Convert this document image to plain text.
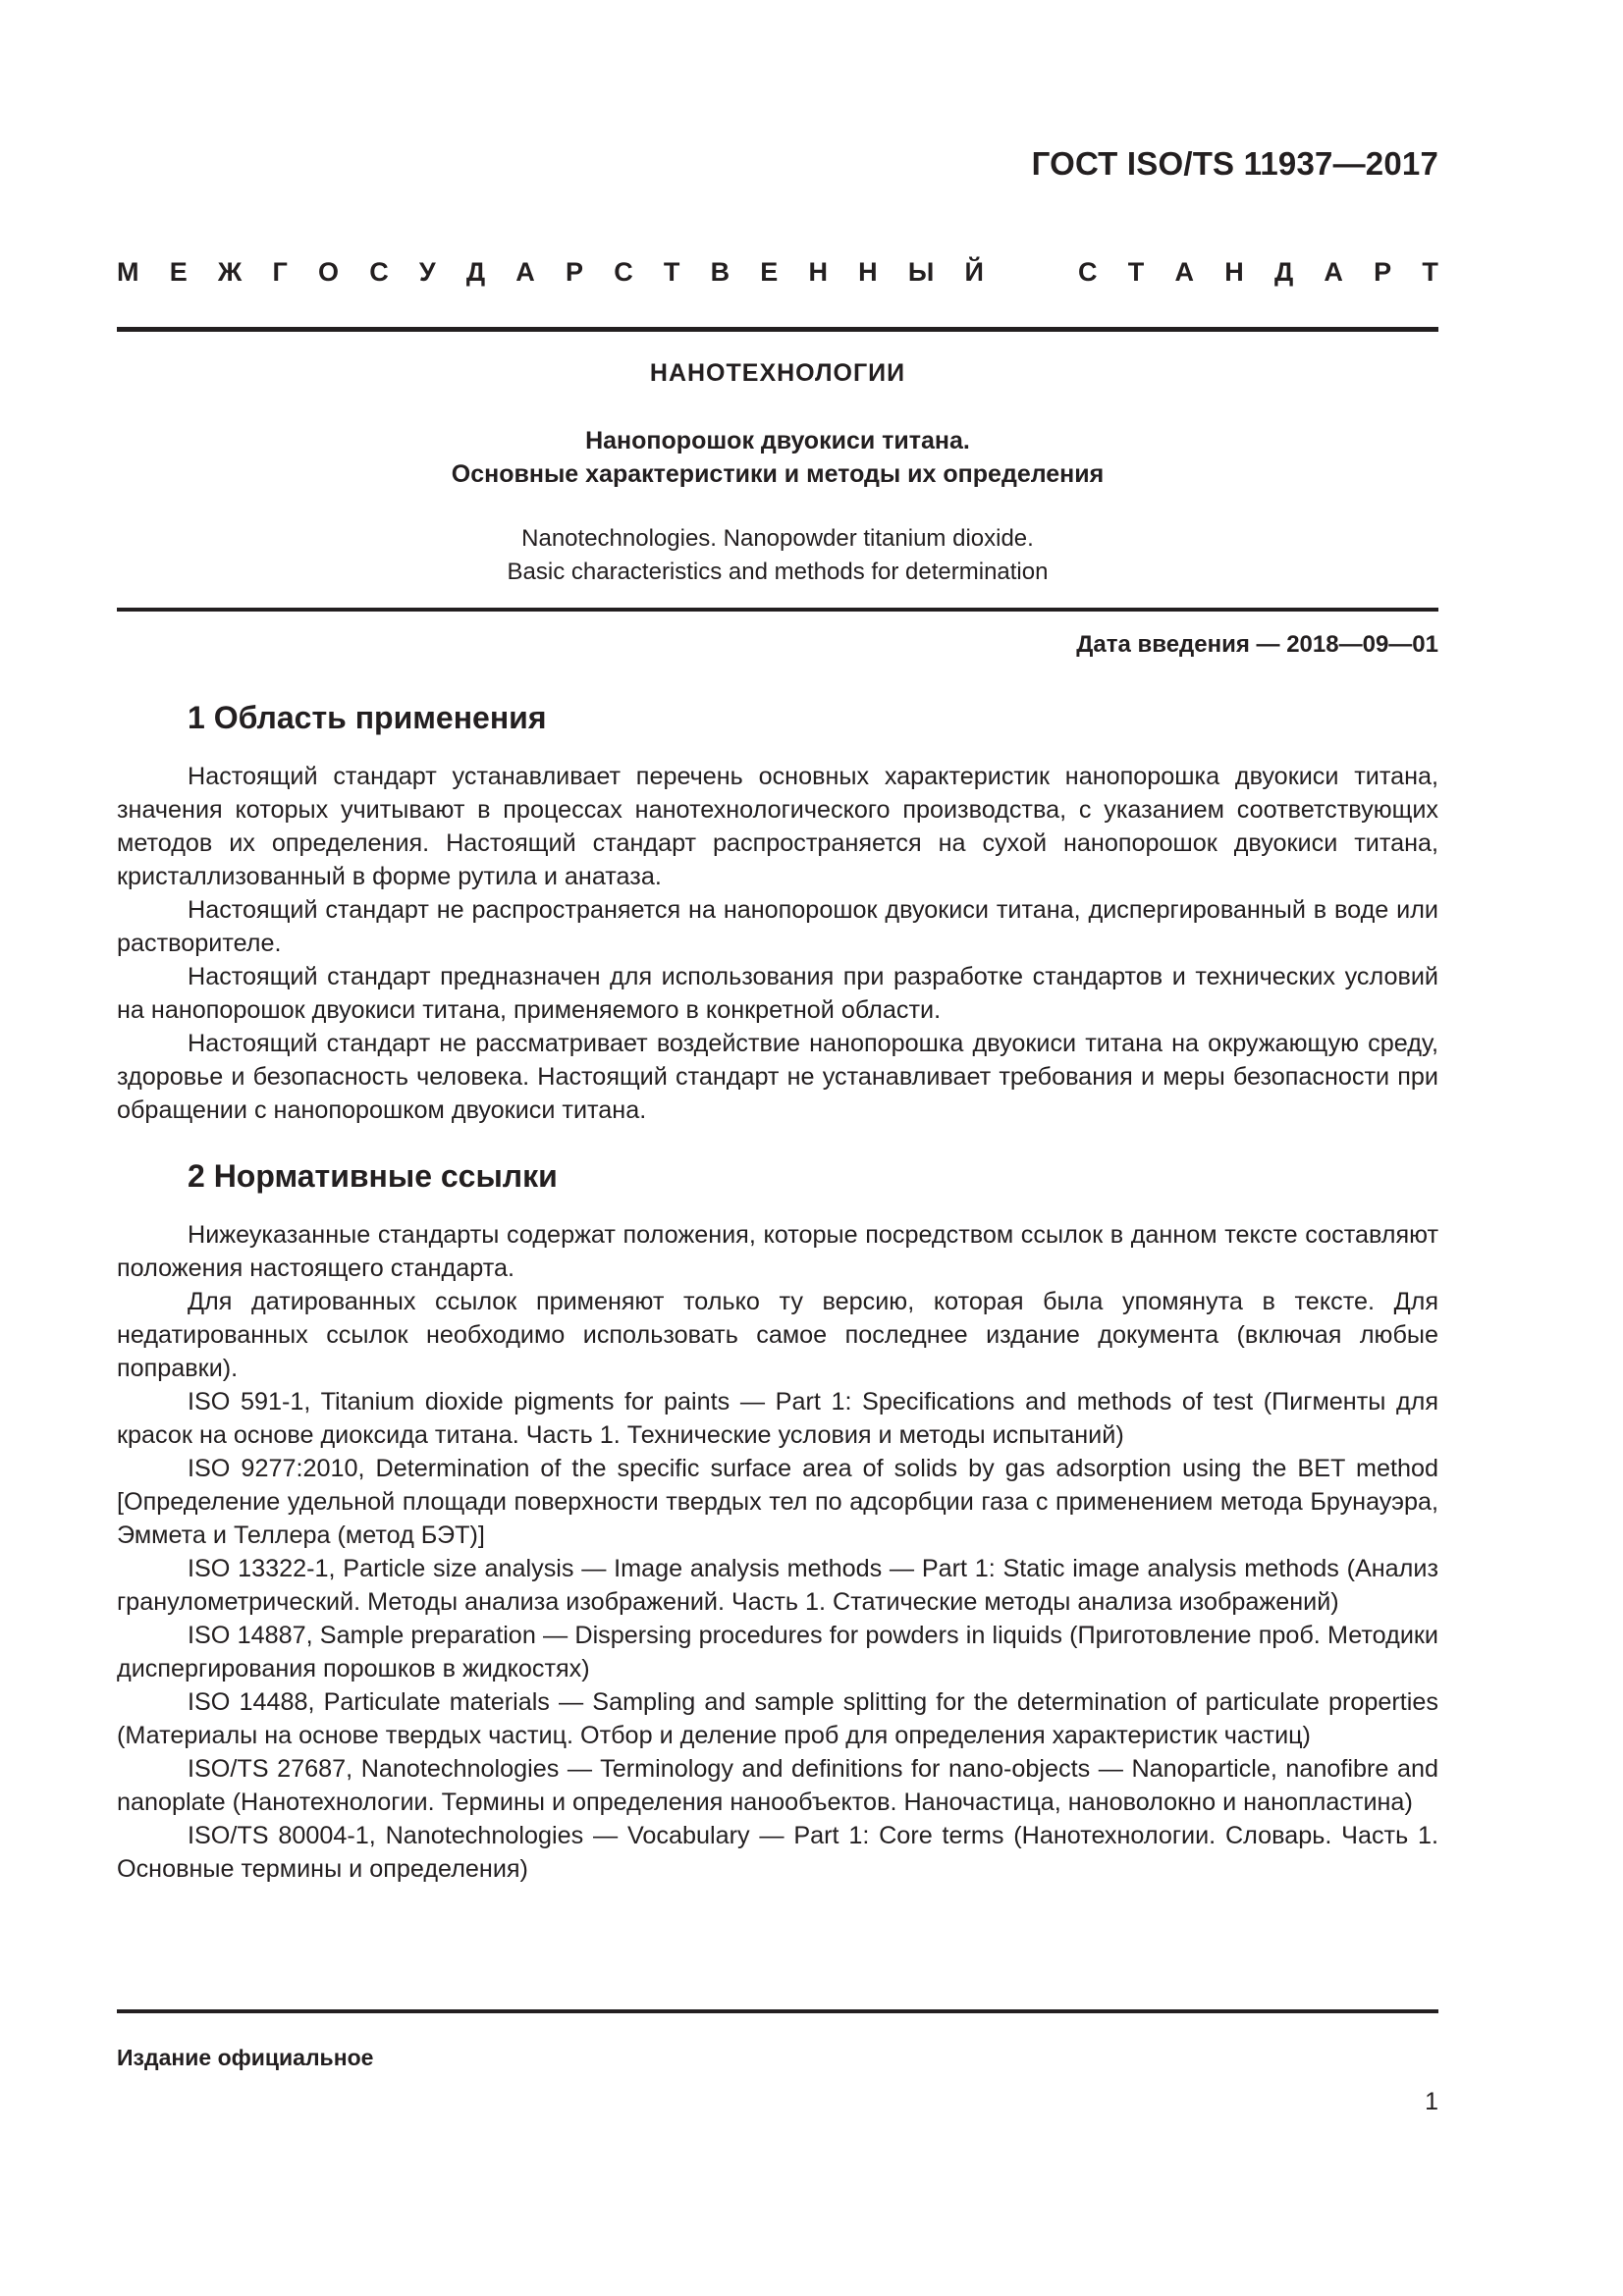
ГОСТ ISO/TS 11937—2017
М Е Ж Г О С У Д А Р С Т В Е Н Н Ы Й	С Т А Н Д А Р Т
НАНОТЕХНОЛОГИИ
Нанопорошок двуокиси титана.
Основные характеристики и методы их определения
Nanotechnologies. Nanopowder titanium dioxide.
Basic characteristics and methods for determination
Дата введения — 2018—09—01
1 Область применения

Настоящий стандарт устанавливает перечень основных характеристик нанопорошка двуокиси титана, значения которых учитывают в процессах нанотехнологического производства, с указанием соответствующих методов их определения. Настоящий стандарт распространяется на сухой нанопорошок двуокиси титана, кристаллизованный в форме рутила и анатаза.

Настоящий стандарт не распространяется на нанопорошок двуокиси титана, диспергированный в воде или растворителе.

Настоящий стандарт предназначен для использования при разработке стандартов и технических условий на нанопорошок двуокиси титана, применяемого в конкретной области.

Настоящий стандарт не рассматривает воздействие нанопорошка двуокиси титана на окружающую среду, здоровье и безопасность человека. Настоящий стандарт не устанавливает требования и меры безопасности при обращении с нанопорошком двуокиси титана.

2 Нормативные ссылки

Нижеуказанные стандарты содержат положения, которые посредством ссылок в данном тексте составляют положения настоящего стандарта.

Для датированных ссылок применяют только ту версию, которая была упомянута в тексте. Для недатированных ссылок необходимо использовать самое последнее издание документа (включая любые поправки).

ISO 591-1, Titanium dioxide pigments for paints — Part 1: Specifications and methods of test (Пигменты для красок на основе диоксида титана. Часть 1. Технические условия и методы испытаний)

ISO 9277:2010, Determination of the specific surface area of solids by gas adsorption using the BET method [Определение удельной площади поверхности твердых тел по адсорбции газа с применением метода Брунауэра, Эммета и Теллера (метод БЭТ)]

ISO 13322-1, Particle size analysis — Image analysis methods — Part 1: Static image analysis methods (Анализ гранулометрический. Методы анализа изображений. Часть 1. Статические методы анализа изображений)

ISO 14887, Sample preparation — Dispersing procedures for powders in liquids (Приготовление проб. Методики диспергирования порошков в жидкостях)

ISO 14488, Particulate materials — Sampling and sample splitting for the determination of particulate properties (Материалы на основе твердых частиц. Отбор и деление проб для определения характеристик частиц)

ISO/TS 27687, Nanotechnologies — Terminology and definitions for nano-objects — Nanoparticle, nanofibre and nanoplate (Нанотехнологии. Термины и определения нанообъектов. Наночастица, нановолокно и нанопластина)

ISO/TS 80004-1, Nanotechnologies — Vocabulary — Part 1: Core terms (Нанотехнологии. Словарь. Часть 1. Основные термины и определения)

Издание официальное
1
